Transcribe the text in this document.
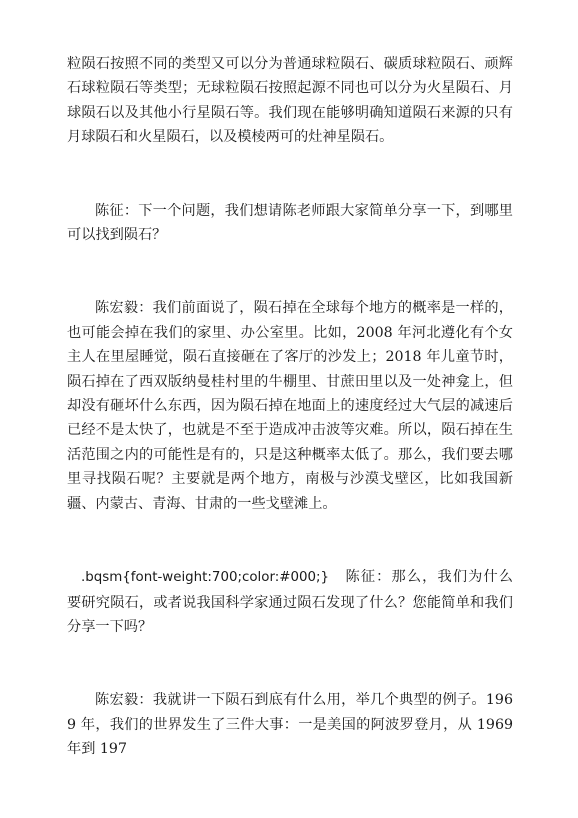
粒陨石按照不同的类型又可以分为普通球粒陨石、碳质球粒陨石、顽辉石球粒陨石等类型；无球粒陨石按照起源不同也可以分为火星陨石、月球陨石以及其他小行星陨石等。我们现在能够明确知道陨石来源的只有月球陨石和火星陨石，以及模棱两可的灶神星陨石。

陈征：下一个问题，我们想请陈老师跟大家简单分享一下，到哪里可以找到陨石？

陈宏毅：我们前面说了，陨石掉在全球每个地方的概率是一样的，也可能会掉在我们的家里、办公室里。比如，2008 年河北遵化有个女主人在里屋睡觉，陨石直接砸在了客厅的沙发上；2018 年儿童节时，陨石掉在了西双版纳曼桂村里的牛棚里、甘蔗田里以及一处神龛上，但却没有砸坏什么东西，因为陨石掉在地面上的速度经过大气层的减速后已经不是太快了，也就是不至于造成冲击波等灾难。所以，陨石掉在生活范围之内的可能性是有的，只是这种概率太低了。那么，我们要去哪里寻找陨石呢？主要就是两个地方，南极与沙漠戈壁区，比如我国新疆、内蒙古、青海、甘肃的一些戈壁滩上。

.bqsm{font-weight:700;color:#000;}　陈征：那么，我们为什么要研究陨石，或者说我国科学家通过陨石发现了什么？您能简单和我们分享一下吗？

陈宏毅：我就讲一下陨石到底有什么用，举几个典型的例子。1969 年，我们的世界发生了三件大事：一是美国的阿波罗登月，从 1969 年到 197
